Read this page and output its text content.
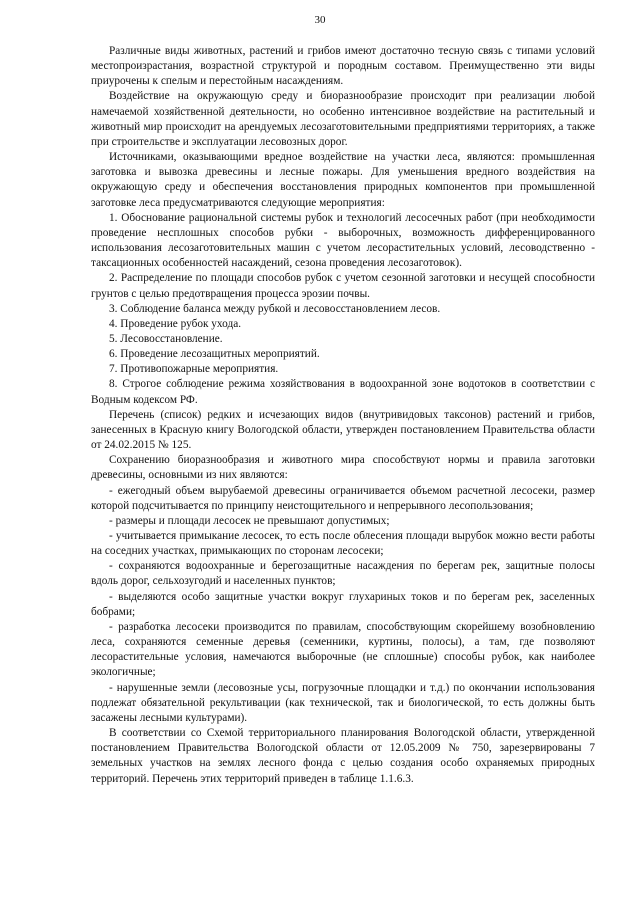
30

Различные виды животных, растений и грибов имеют достаточно тесную связь с типами условий местопроизрастания, возрастной структурой и породным составом. Преимущественно эти виды приурочены к спелым и перестойным насаждениям.

Воздействие на окружающую среду и биоразнообразие происходит при реализации любой намечаемой хозяйственной деятельности, но особенно интенсивное воздействие на растительный и животный мир происходит на арендуемых лесозаготовительными предприятиями территориях, а также при строительстве и эксплуатации лесовозных дорог.

Источниками, оказывающими вредное воздействие на участки леса, являются: промышленная заготовка и вывозка древесины и лесные пожары. Для уменьшения вредного воздействия на окружающую среду и обеспечения восстановления природных компонентов при промышленной заготовке леса предусматриваются следующие мероприятия:

1. Обоснование рациональной системы рубок и технологий лесосечных работ (при необходимости проведение несплошных способов рубки - выборочных, возможность дифференцированного использования лесозаготовительных машин с учетом лесорастительных условий, лесоводственно - таксационных особенностей насаждений, сезона проведения лесозаготовок).

2. Распределение по площади способов рубок с учетом сезонной заготовки и несущей способности грунтов с целью предотвращения процесса эрозии почвы.

3. Соблюдение баланса между рубкой и лесовосстановлением лесов.

4. Проведение рубок ухода.

5. Лесовосстановление.

6. Проведение лесозащитных мероприятий.

7. Противопожарные мероприятия.

8. Строгое соблюдение режима хозяйствования в водоохранной зоне водотоков в соответствии с Водным кодексом РФ.

Перечень (список) редких и исчезающих видов (внутривидовых таксонов) растений и грибов, занесенных в Красную книгу Вологодской области, утвержден постановлением Правительства области от 24.02.2015 № 125.

Сохранению биоразнообразия и животного мира способствуют нормы и правила заготовки древесины, основными из них являются:

- ежегодный объем вырубаемой древесины ограничивается объемом расчетной лесосеки, размер которой подсчитывается по принципу неистощительного и непрерывного лесопользования;

- размеры и площади лесосек не превышают допустимых;

- учитывается примыкание лесосек, то есть после облесения площади вырубок можно вести работы на соседних участках, примыкающих по сторонам лесосеки;

- сохраняются водоохранные и берегозащитные насаждения по берегам рек, защитные полосы вдоль дорог, сельхозугодий и населенных пунктов;

- выделяются особо защитные участки вокруг глухариных токов и по берегам рек, заселенных бобрами;

- разработка лесосеки производится по правилам, способствующим скорейшему возобновлению леса, сохраняются семенные деревья (семенники, куртины, полосы), а там, где позволяют лесорастительные условия, намечаются выборочные (не сплошные) способы рубок, как наиболее экологичные;

- нарушенные земли (лесовозные усы, погрузочные площадки и т.д.) по окончании использования подлежат обязательной рекультивации (как технической, так и биологической, то есть должны быть засажены лесными культурами).

В соответствии со Схемой территориального планирования Вологодской области, утвержденной постановлением Правительства Вологодской области от 12.05.2009 № 750, зарезервированы 7 земельных участков на землях лесного фонда с целью создания особо охраняемых природных территорий. Перечень этих территорий приведен в таблице 1.1.6.3.
